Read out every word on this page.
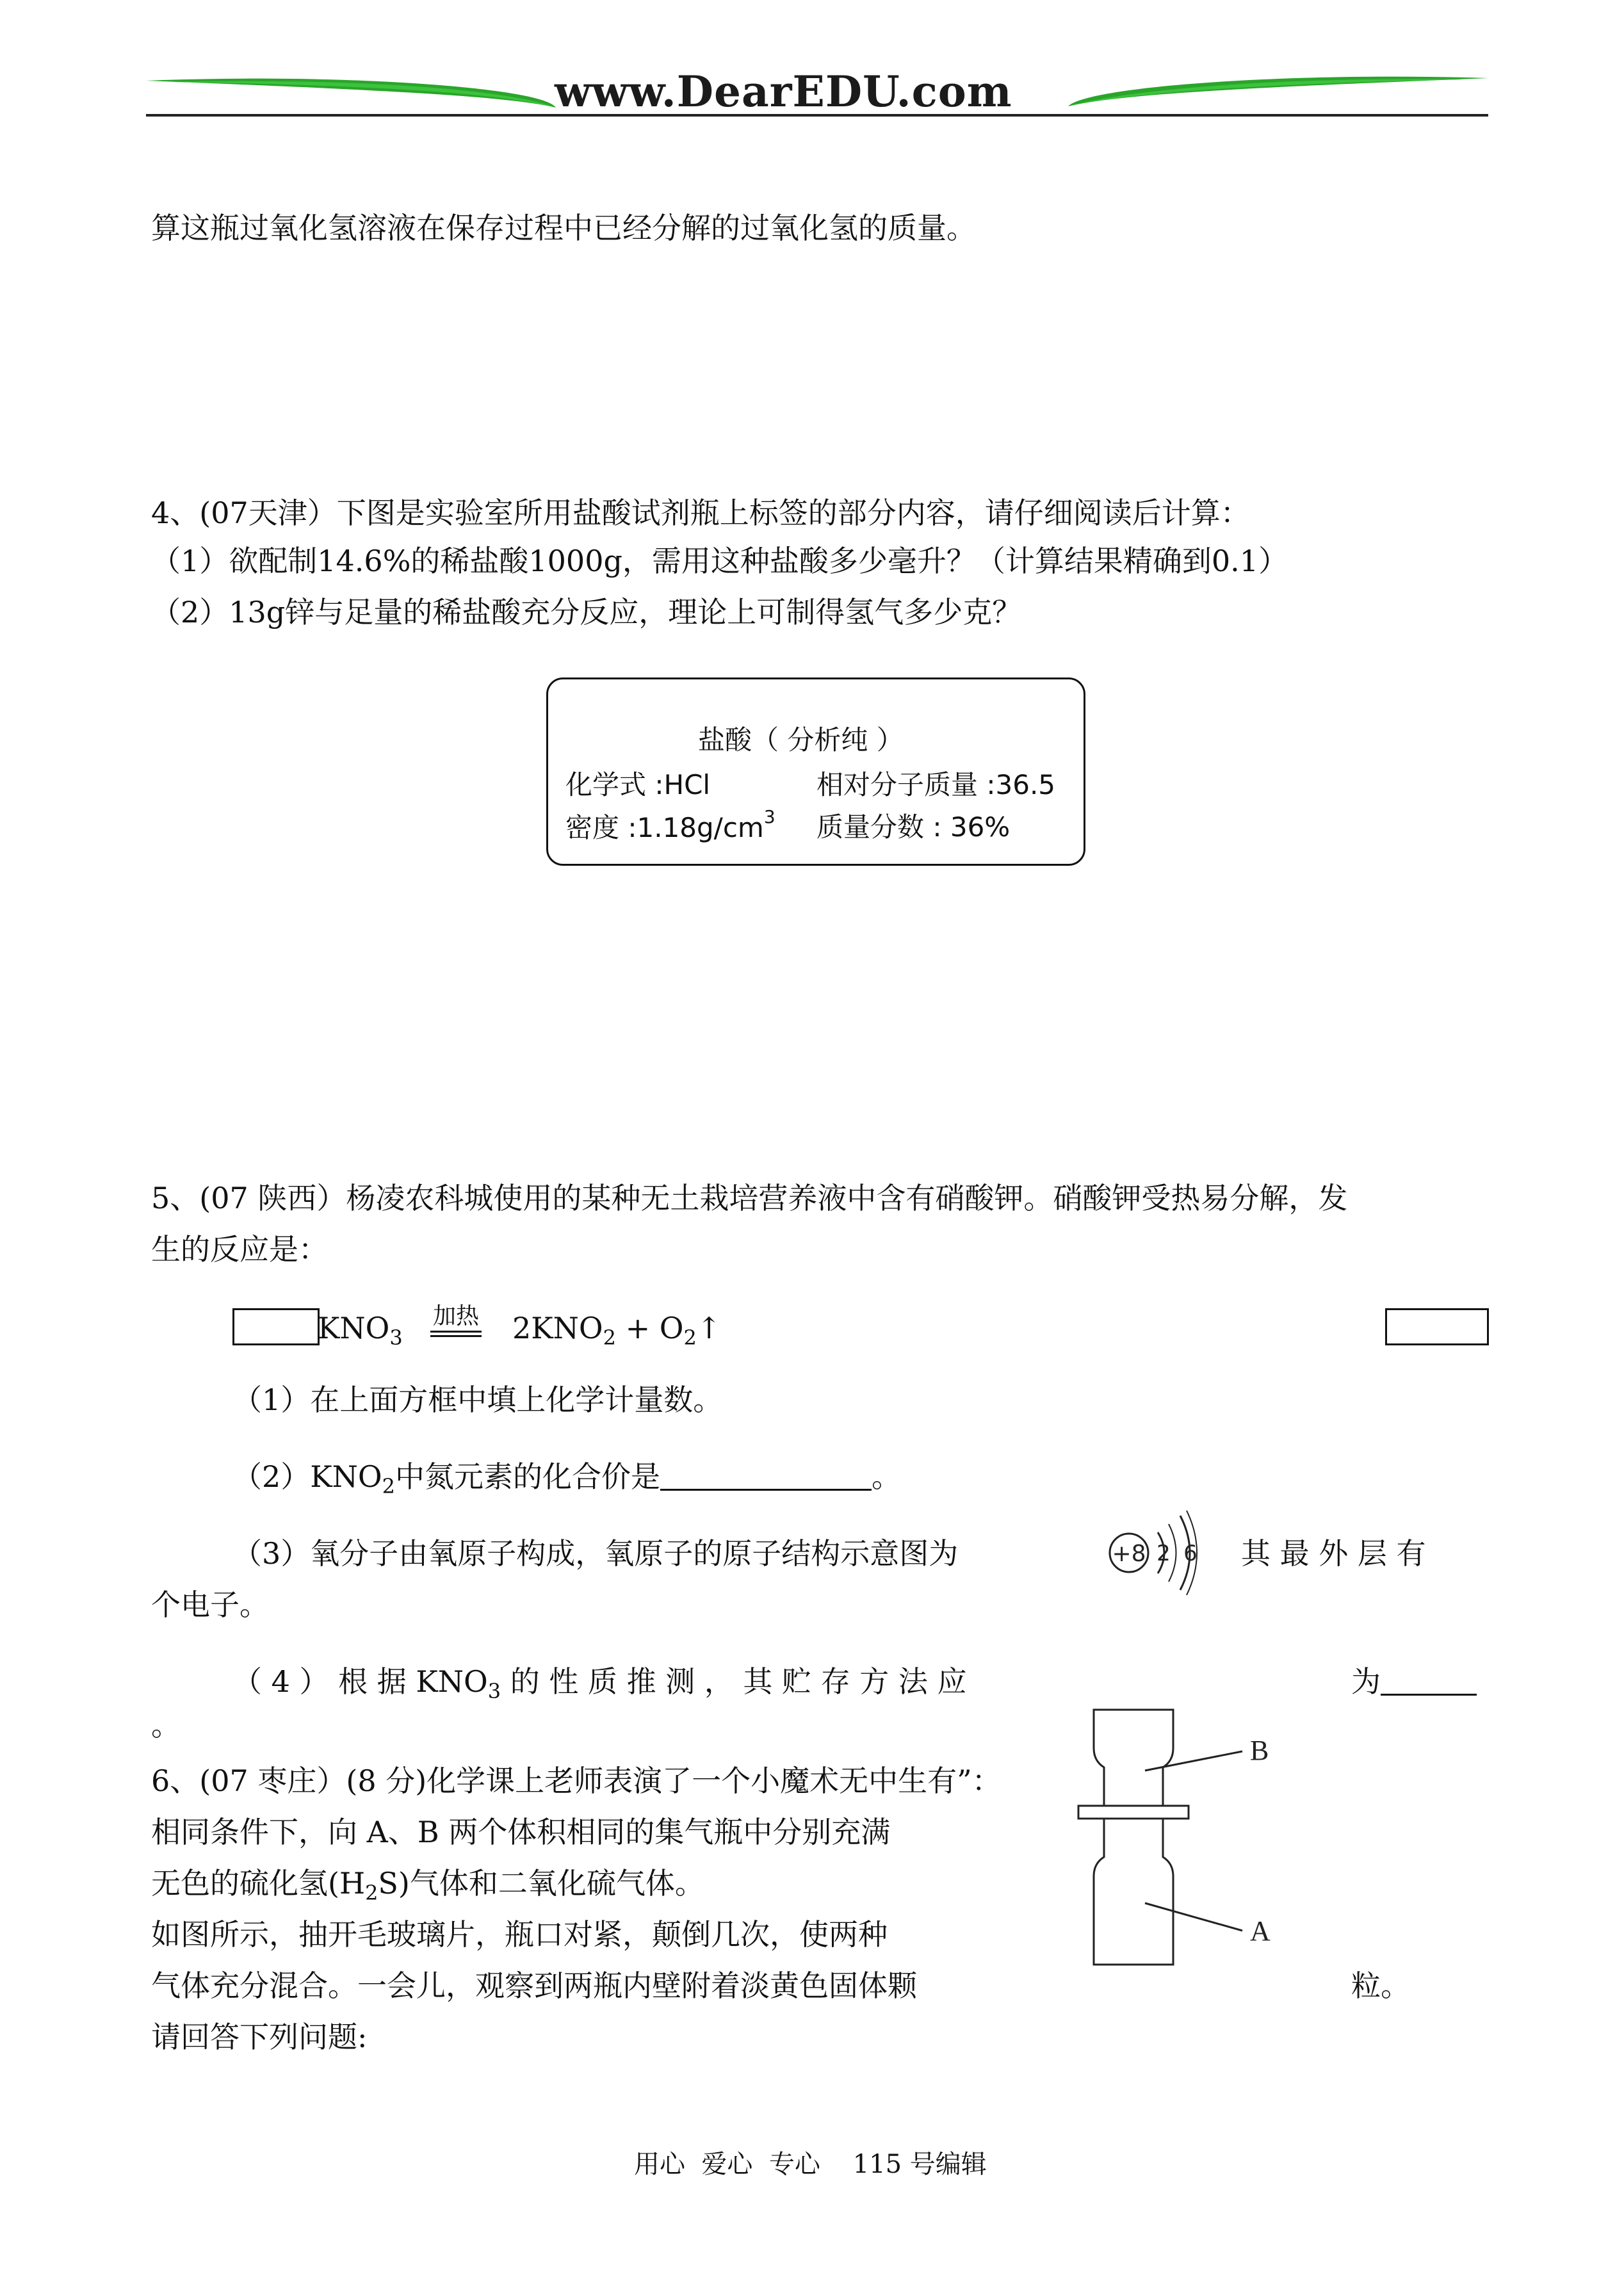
www.DearEDU.com
算这瓶过氧化氢溶液在保存过程中已经分解的过氧化氢的质量。
4、(07天津）下图是实验室所用盐酸试剂瓶上标签的部分内容，请仔细阅读后计算：
（1）欲配制14.6%的稀盐酸1000g，需用这种盐酸多少毫升？（计算结果精确到0.1）
（2）13g锌与足量的稀盐酸充分反应，理论上可制得氢气多少克？
盐酸（ 分析纯 ）
化学式 :HCl	相对分子质量 :36.5
密度 $:1.18g/cm^3$ 质量分数 : 36%
5、(07 陕西）杨凌农科城使用的某种无土栽培营养液中含有硝酸钾。硝酸钾受热易分解，发
生的反应是：
$KNO_3$
加热 $2KNO_2$ + $O_2↑$
（1）在上面方框中填上化学计量数。
$(2)KNO_2$中氮元素的化合价是	。
（3）氧分子由氧原子构成，氧原子的原子结构示意图为	+8 2 6 其 最 外 层 有
个电子。
（ 4 ） 根 据 $KNO_3$ 的 性 质 推 测 ， 其 贮 存 方 法 应	为
。
6、(07 枣庄）(8 分)化学课上老师表演了一个小魔术无中生有”：
相同条件下，向 A、B 两个体积相同的集气瓶中分别充满
无色的硫化氢$(H_2S)$气体和二氧化硫气体。
如图所示，抽开毛玻璃片，瓶口对紧，颠倒几次，使两种
气体充分混合。一会儿，观察到两瓶内壁附着淡黄色固体颗	粒。
请回答下列问题:
B
A
用心  爱心  专心    115 号编辑
